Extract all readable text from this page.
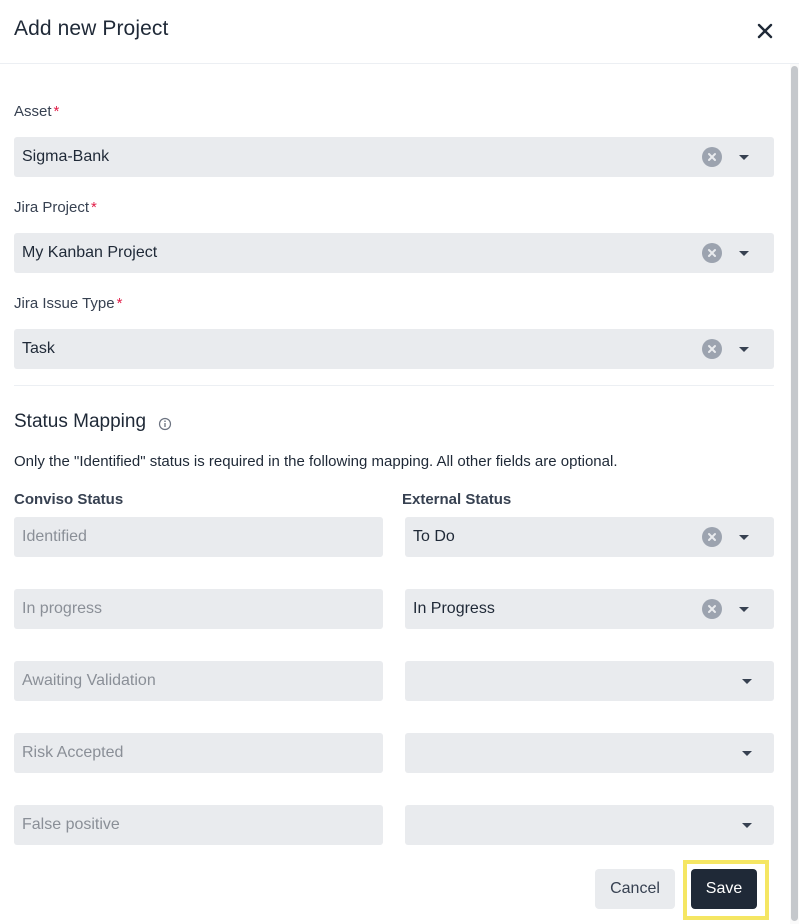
Add new Project
Asset *
Sigma-Bank
Jira Project *
My Kanban Project
Jira Issue Type *
Task
Status Mapping
Only the "Identified" status is required in the following mapping. All other fields are optional.
Conviso Status	External Status
Identified	To Do
In progress	In Progress
Awaiting Validation
Risk Accepted
False positive
Cancel	Save
